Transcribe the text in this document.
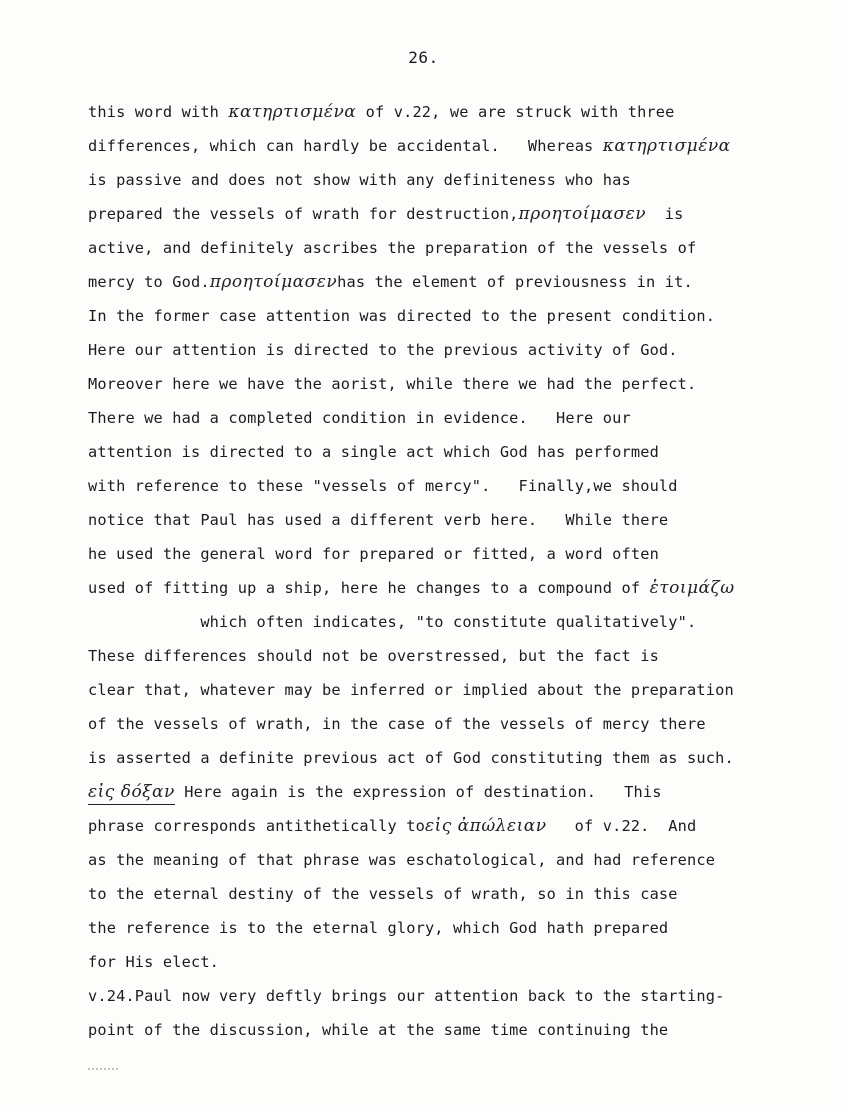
26.
this word with κατηρτισμένα of v.22, we are struck with three
differences, which can hardly be accidental.   Whereas κατηρτισμένα
is passive and does not show with any definiteness who has
prepared the vessels of wrath for destruction,προητοίμασεν  is
active, and definitely ascribes the preparation of the vessels of
mercy to God.προητοίμασενhas the element of previousness in it.
In the former case attention was directed to the present condition.
Here our attention is directed to the previous activity of God.
Moreover here we have the aorist, while there we had the perfect.
There we had a completed condition in evidence.   Here our
attention is directed to a single act which God has performed
with reference to these "vessels of mercy".   Finally,we should
notice that Paul has used a different verb here.   While there
he used the general word for prepared or fitted, a word often
used of fitting up a ship, here he changes to a compound of ἑτοιμάζω
which often indicates, "to constitute qualitatively".
These differences should not be overstressed, but the fact is
clear that, whatever may be inferred or implied about the preparation
of the vessels of wrath, in the case of the vessels of mercy there
is asserted a definite previous act of God constituting them as such.
εἰς δόξαν Here again is the expression of destination.   This
phrase corresponds antithetically toεἰς ἀπώλειαν   of v.22.  And
as the meaning of that phrase was eschatological, and had reference
to the eternal destiny of the vessels of wrath, so in this case
the reference is to the eternal glory, which God hath prepared
for His elect.
v.24.Paul now very deftly brings our attention back to the starting-
point of the discussion, while at the same time continuing the
